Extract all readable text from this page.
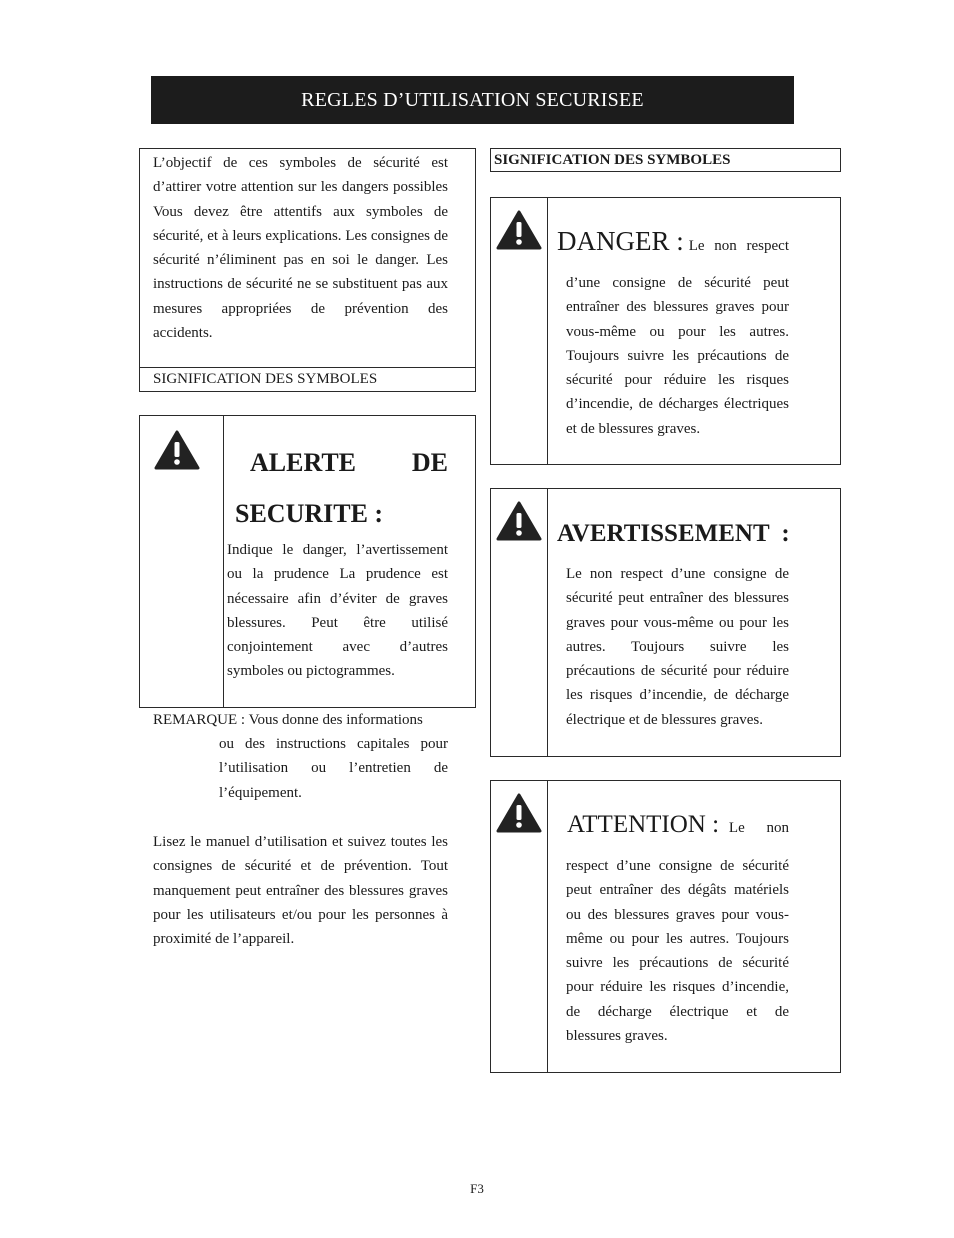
REGLES D’UTILISATION SECURISEE
L’objectif de ces symboles de sécurité est d’attirer votre attention sur les dangers possibles Vous devez être attentifs aux symboles de sécurité, et à leurs explications. Les consignes de sécurité n’éliminent pas en soi le danger. Les instructions de sécurité ne se substituent pas aux mesures appropriées de prévention des accidents.
SIGNIFICATION DES SYMBOLES
ALERTE DE
SECURITE :
Indique le danger, l’avertissement ou la prudence La prudence est nécessaire afin d’éviter de graves blessures. Peut être utilisé conjointement avec d’autres symboles ou pictogrammes.
REMARQUE : Vous donne des informations
ou des instructions capitales pour l’utilisation ou l’entretien de l’équipement.
Lisez le manuel d’utilisation et suivez toutes les consignes de sécurité et de prévention. Tout manquement peut entraîner des blessures graves pour les utilisateurs et/ou pour les personnes à proximité de l’appareil.
SIGNIFICATION DES SYMBOLES
DANGER : Le non respect
d’une consigne de sécurité peut entraîner des blessures graves pour vous-même ou pour les autres. Toujours suivre les précautions de sécurité pour réduire les risques d’incendie, de décharges électriques et de blessures graves.
AVERTISSEMENT :
Le non respect d’une consigne de sécurité peut entraîner des blessures graves pour vous-même ou pour les autres. Toujours suivre les précautions de sécurité pour réduire les risques d’incendie, de décharge électrique et de blessures graves.
ATTENTION : Le non
respect d’une consigne de sécurité peut entraîner des dégâts matériels ou des blessures graves pour vous-même ou pour les autres. Toujours suivre les précautions de sécurité pour réduire les risques d’incendie, de décharge électrique et de blessures graves.
F3
